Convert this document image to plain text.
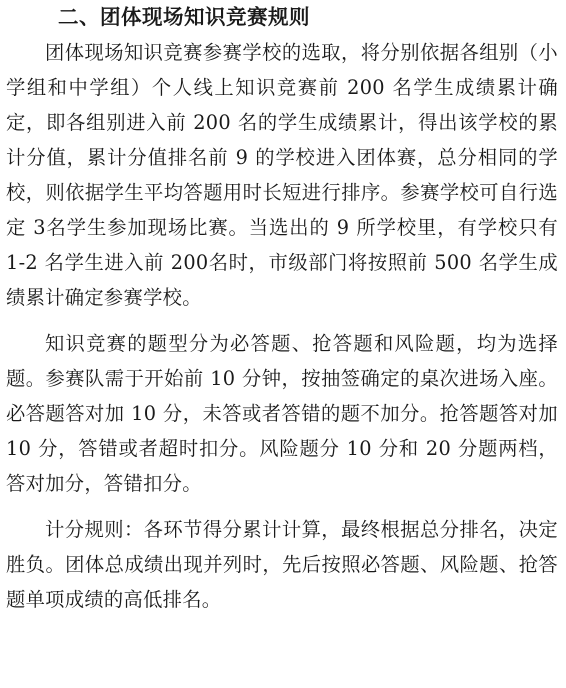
二、团体现场知识竞赛规则

团体现场知识竞赛参赛学校的选取，将分别依据各组别（小学组和中学组）个人线上知识竞赛前 200 名学生成绩累计确定，即各组别进入前 200 名的学生成绩累计，得出该学校的累计分值，累计分值排名前 9 的学校进入团体赛，总分相同的学校，则依据学生平均答题用时长短进行排序。参赛学校可自行选定 3名学生参加现场比赛。当选出的 9 所学校里，有学校只有 1-2 名学生进入前 200名时，市级部门将按照前 500 名学生成绩累计确定参赛学校。

知识竞赛的题型分为必答题、抢答题和风险题，均为选择题。参赛队需于开始前 10 分钟，按抽签确定的桌次进场入座。必答题答对加 10 分，未答或者答错的题不加分。抢答题答对加 10 分，答错或者超时扣分。风险题分 10 分和 20 分题两档，答对加分，答错扣分。

计分规则：各环节得分累计计算，最终根据总分排名，决定胜负。团体总成绩出现并列时，先后按照必答题、风险题、抢答题单项成绩的高低排名。
